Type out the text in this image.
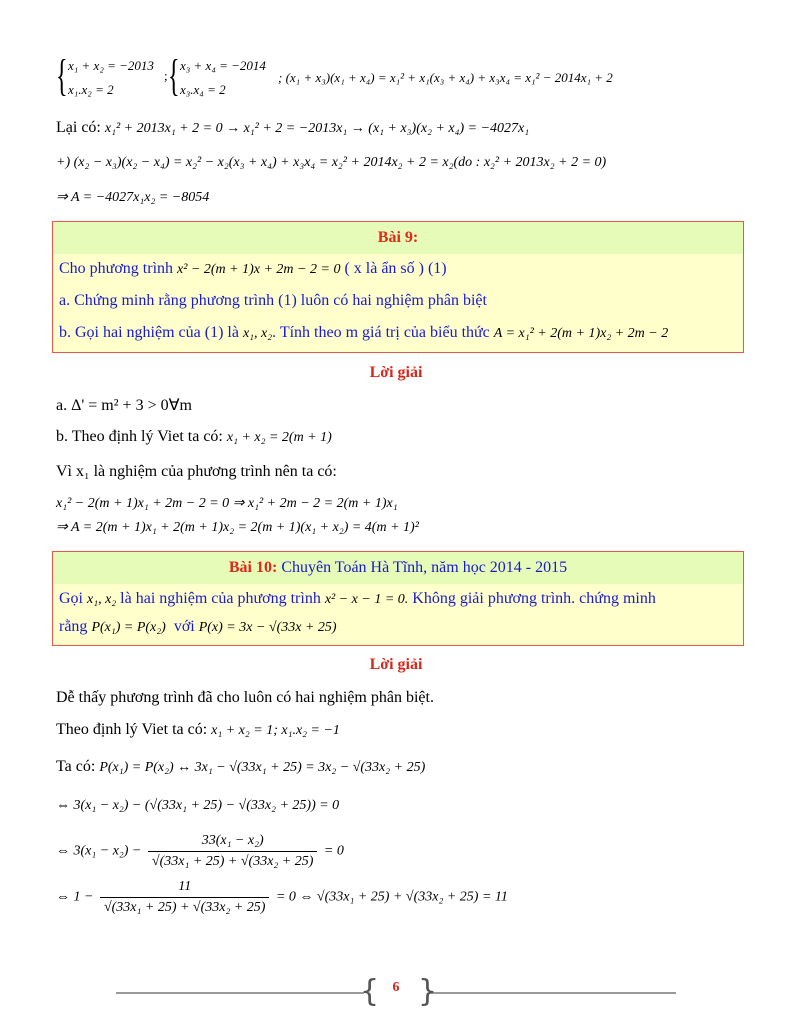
{ x₁ + x₂ = −2013
x₁.x₂ = 2
; { x₃ + x₄ = −2014
x₃.x₄ = 2
; (x₁ + x₃)(x₁ + x₄) = x₁² + x₁(x₃ + x₄) + x₃x₄ = x₁² − 2014x₁ + 2
Lại có: x₁² + 2013x₁ + 2 = 0 → x₁² + 2 = −2013x₁ → (x₁ + x₃)(x₂ + x₄) = −4027x₁
+) (x₂ − x₃)(x₂ − x₄) = x₂² − x₂(x₃ + x₄) + x₃x₄ = x₂² + 2014x₂ + 2 = x₂(do : x₂² + 2013x₂ + 2 = 0)
⇒ A = −4027x₁x₂ = −8054
Bài 9:
Cho phương trình x² − 2(m + 1)x + 2m − 2 = 0 ( x là ẩn số ) (1)
a. Chứng minh rằng phương trình (1) luôn có hai nghiệm phân biệt
b. Gọi hai nghiệm của (1) là x₁, x₂. Tính theo m giá trị của biểu thức A = x₁² + 2(m + 1)x₂ + 2m − 2
Lời giải
a. Δ' = m² + 3 > 0∀m
b. Theo định lý Viet ta có: x₁ + x₂ = 2(m + 1)
Vì x₁ là nghiệm của phương trình nên ta có:
x₁² − 2(m + 1)x₁ + 2m − 2 = 0 ⇒ x₁² + 2m − 2 = 2(m + 1)x₁
⇒ A = 2(m + 1)x₁ + 2(m + 1)x₂ = 2(m + 1)(x₁ + x₂) = 4(m + 1)²
Bài 10: Chuyên Toán Hà Tĩnh, năm học 2014 - 2015
Gọi x₁, x₂ là hai nghiệm của phương trình x² − x − 1 = 0. Không giải phương trình. chứng minh
rằng P(x₁) = P(x₂) với P(x) = 3x − √(33x + 25)
Lời giải
Dễ thấy phương trình đã cho luôn có hai nghiệm phân biệt.
Theo định lý Viet ta có: x₁ + x₂ = 1; x₁.x₂ = −1
Ta có: P(x₁) = P(x₂) ↔ 3x₁ − √(33x₁ + 25) = 3x₂ − √(33x₂ + 25)
⇔ 3(x₁ − x₂) − (√(33x₁ + 25) − √(33x₂ + 25)) = 0
⇔ $3(x_1 - x_2) - \frac{\text{33(x₁ − x₂)}}{\text{√(33x₁ + 25) + √(33x₂ + 25)}} = 0$
⇔ $1 - \frac{11}{\text{√(33x₁ + 25) + √(33x₂ + 25)}} = 0$ ⇔ √(33x₁ + 25) + √(33x₂ + 25) = 11
{ }
6
